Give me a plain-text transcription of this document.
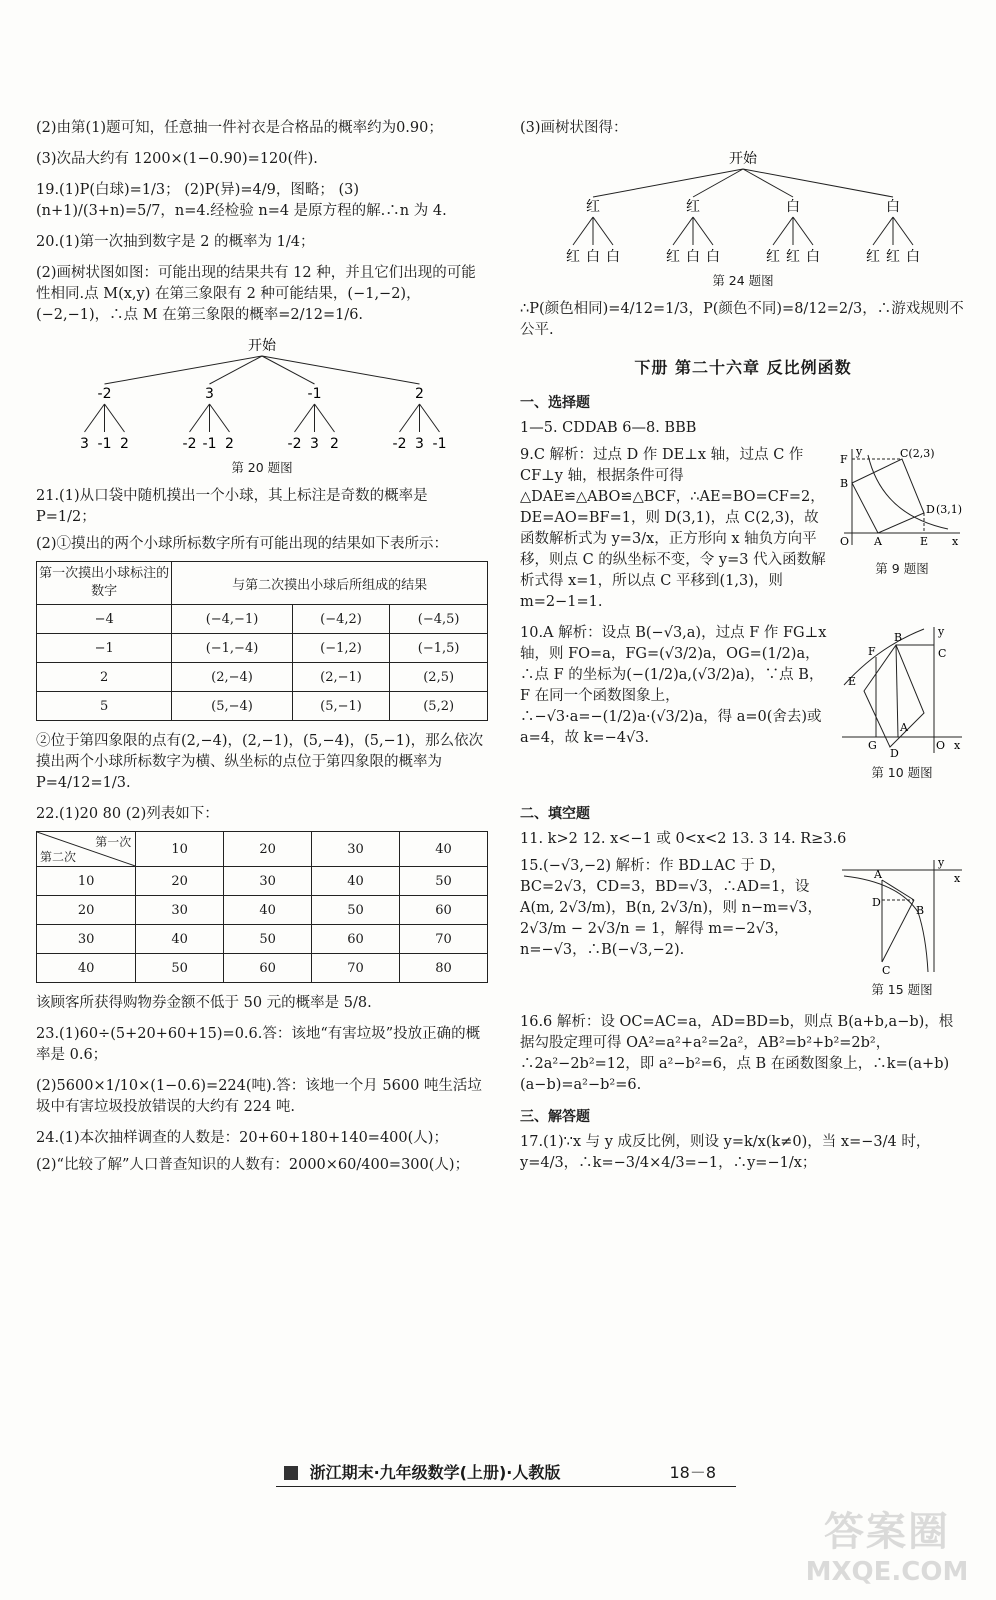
(2)由第(1)题可知，任意抽一件衬衣是合格品的概率约为0.90；

(3)次品大约有 1200×(1−0.90)=120(件).

19.(1)P(白球)=1/3； (2)P(异)=4/9，图略； (3)(n+1)/(3+n)=5/7，n=4.经检验 n=4 是原方程的解.∴n 为 4.

20.(1)第一次抽到数字是 2 的概率为 1/4；

(2)画树状图如图：可能出现的结果共有 12 种，并且它们出现的可能性相同.点 M(x,y) 在第三象限有 2 种可能结果，(−1,−2)，(−2,−1)，∴点 M 在第三象限的概率=2/12=1/6.

开始
-2
3 -1 2
3
-2 -1 2
-1
-2 3 2
2
-2 3 -1
第 20 题图

21.(1)从口袋中随机摸出一个小球，其上标注是奇数的概率是 P=1/2；

(2)①摸出的两个小球所标数字所有可能出现的结果如下表所示：

第一次摸出小球标注的数字	与第二次摸出小球后所组成的结果		
−4	(−4,−1)	(−4,2)	(−4,5)
−1	(−1,−4)	(−1,2)	(−1,5)
2	(2,−4)	(2,−1)	(2,5)
5	(5,−4)	(5,−1)	(5,2)

②位于第四象限的点有(2,−4)，(2,−1)，(5,−4)，(5,−1)，那么依次摸出两个小球所标数字为横、纵坐标的点位于第四象限的概率为 P=4/12=1/3.

22.(1)20 80 (2)列表如下：

第一次
第二次	10	20	30	40
10	20	30	40	50
20	30	40	50	60
30	40	50	60	70
40	50	60	70	80

该顾客所获得购物券金额不低于 50 元的概率是 5/8.

23.(1)60÷(5+20+60+15)=0.6.答：该地“有害垃圾”投放正确的概率是 0.6；

(2)5600×1/10×(1−0.6)=224(吨).答：该地一个月 5600 吨生活垃圾中有害垃圾投放错误的大约有 224 吨.

24.(1)本次抽样调查的人数是：20+60+180+140=400(人)；

(2)“比较了解”人口普查知识的人数有：2000×60/400=300(人)；

(3)画树状图得：

开始
红
红 白 白
红
红 白 白
白
红 红 白
白
红 红 白
第 24 题图

∴P(颜色相同)=4/12=1/3，P(颜色不同)=8/12=2/3，∴游戏规则不公平.

下册 第二十六章 反比例函数
一、选择题

1—5. CDDAB 6—8. BBB

y
F	C(2,3)
B
D (3,1)
O A	E x
第 9 题图

9.C 解析：过点 D 作 DE⊥x 轴，过点 C 作 CF⊥y 轴，根据条件可得 △DAE≌△ABO≌△BCF，∴AE=BO=CF=2，DE=AO=BF=1，则 D(3,1)，点 C(2,3)，故函数解析式为 y=3/x，正方形向 x 轴负方向平移，则点 C 的纵坐标不变，令 y=3 代入函数解析式得 x=1，所以点 C 平移到(1,3)，则 m=2−1=1.

y
B
F	C
E
A
G
D
O x
第 10 题图

10.A 解析：设点 B(−√3,a)，过点 F 作 FG⊥x 轴，则 FO=a，FG=(√3/2)a，OG=(1/2)a，∴点 F 的坐标为(−(1/2)a,(√3/2)a)，∵点 B，F 在同一个函数图象上，∴−√3·a=−(1/2)a·(√3/2)a，得 a=0(舍去)或 a=4，故 k=−4√3.

二、填空题

11. k>2 12. x<−1 或 0<x<2 13. 3 14. R≥3.6

y
x
A
D
B
C
第 15 题图

15.(−√3,−2) 解析：作 BD⊥AC 于 D，BC=2√3，CD=3，BD=√3，∴AD=1，设 A(m, 2√3/m)，B(n, 2√3/n)，则 n−m=√3，2√3/m − 2√3/n = 1，解得 m=−2√3，n=−√3，∴B(−√3,−2).

16.6 解析：设 OC=AC=a，AD=BD=b，则点 B(a+b,a−b)，根据勾股定理可得 OA²=a²+a²=2a²，AB²=b²+b²=2b²，∴2a²−2b²=12，即 a²−b²=6，点 B 在函数图象上，∴k=(a+b)(a−b)=a²−b²=6.

三、解答题

17.(1)∵x 与 y 成反比例，则设 y=k/x(k≠0)，当 x=−3/4 时，y=4/3，∴k=−3/4×4/3=−1，∴y=−1/x；

浙江期末·九年级数学(上册)·人教版	18－8
答案圈
MXQE.COM
